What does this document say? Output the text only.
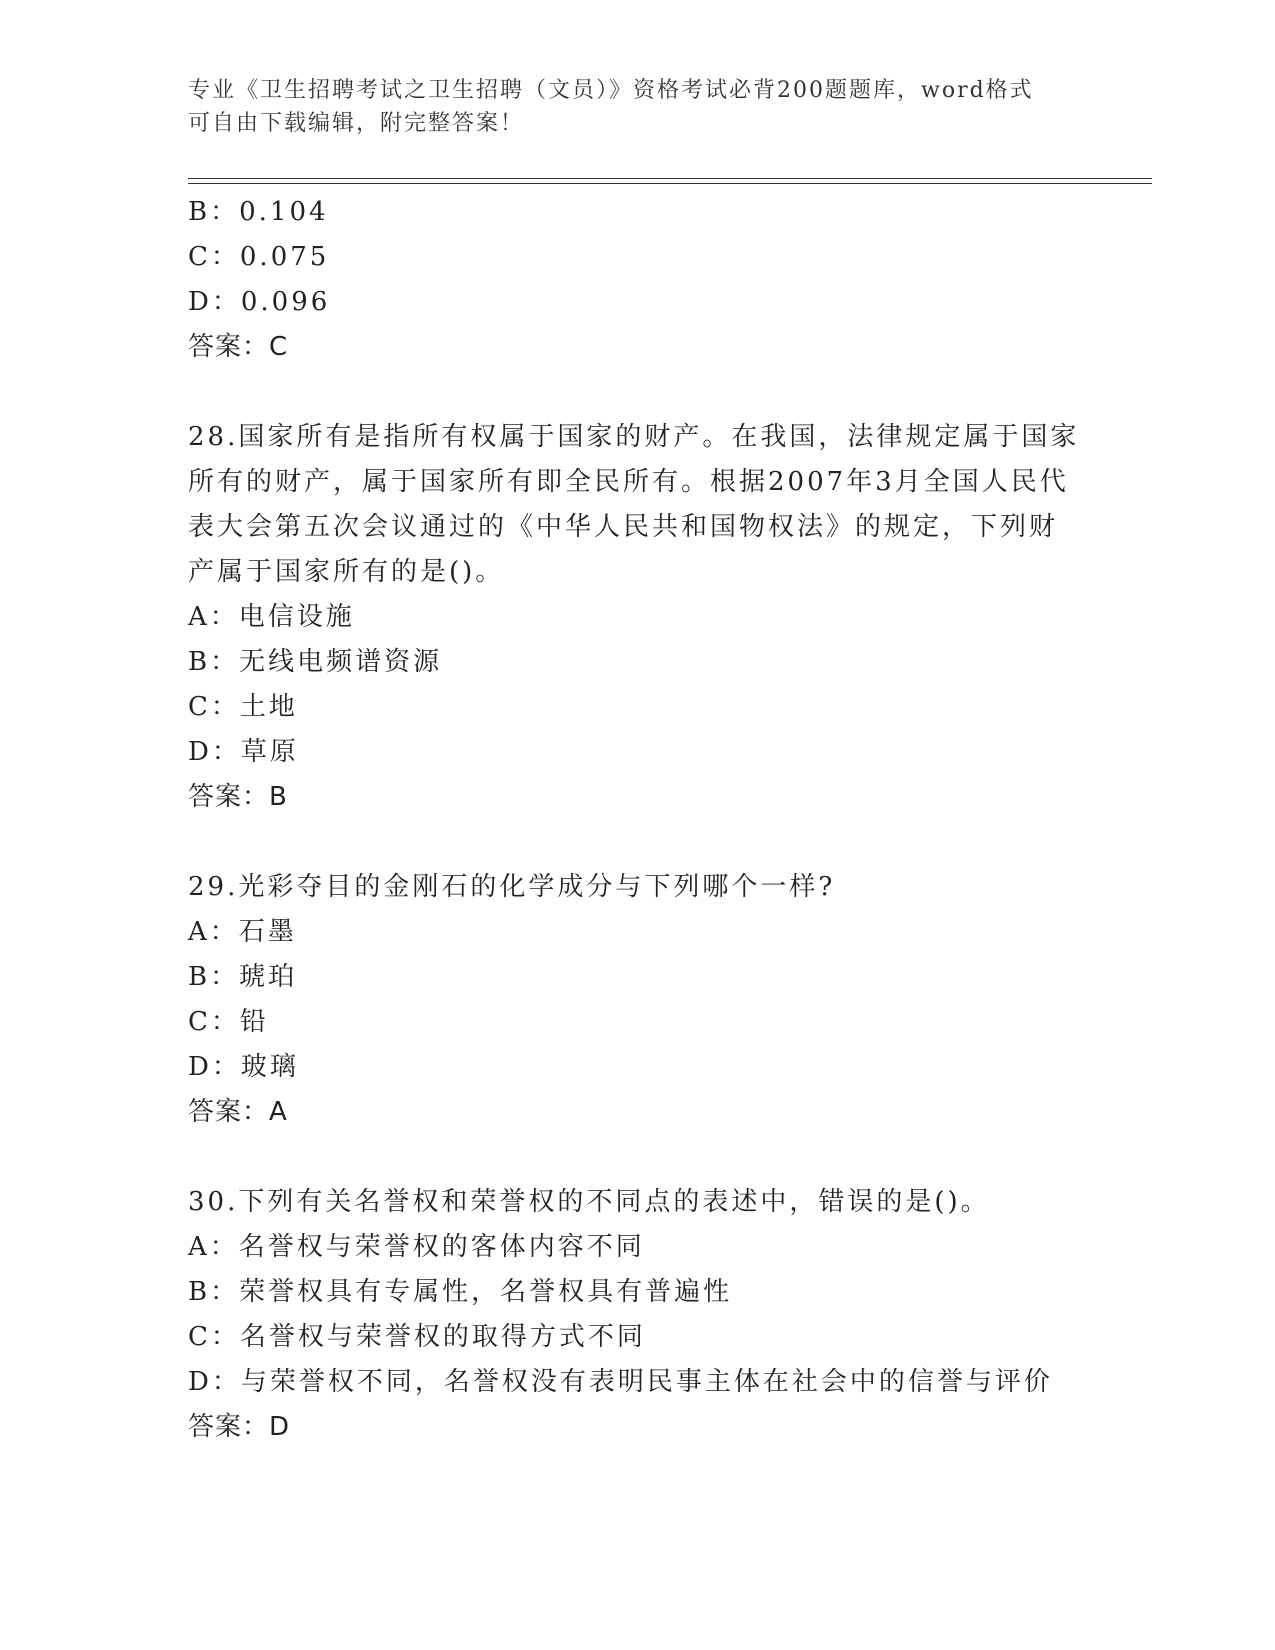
专业《卫生招聘考试之卫生招聘（文员）》资格考试必背200题题库，word格式
可自由下载编辑，附完整答案！
B：0.104
C：0.075
D：0.096
答案：C
28.国家所有是指所有权属于国家的财产。在我国，法律规定属于国家
所有的财产，属于国家所有即全民所有。根据2007年3月全国人民代
表大会第五次会议通过的《中华人民共和国物权法》的规定，下列财
产属于国家所有的是()。
A：电信设施
B：无线电频谱资源
C：土地
D：草原
答案：B
29.光彩夺目的金刚石的化学成分与下列哪个一样?
A：石墨
B：琥珀
C：铅
D：玻璃
答案：A
30.下列有关名誉权和荣誉权的不同点的表述中，错误的是()。
A：名誉权与荣誉权的客体内容不同
B：荣誉权具有专属性，名誉权具有普遍性
C：名誉权与荣誉权的取得方式不同
D：与荣誉权不同，名誉权没有表明民事主体在社会中的信誉与评价
答案：D
